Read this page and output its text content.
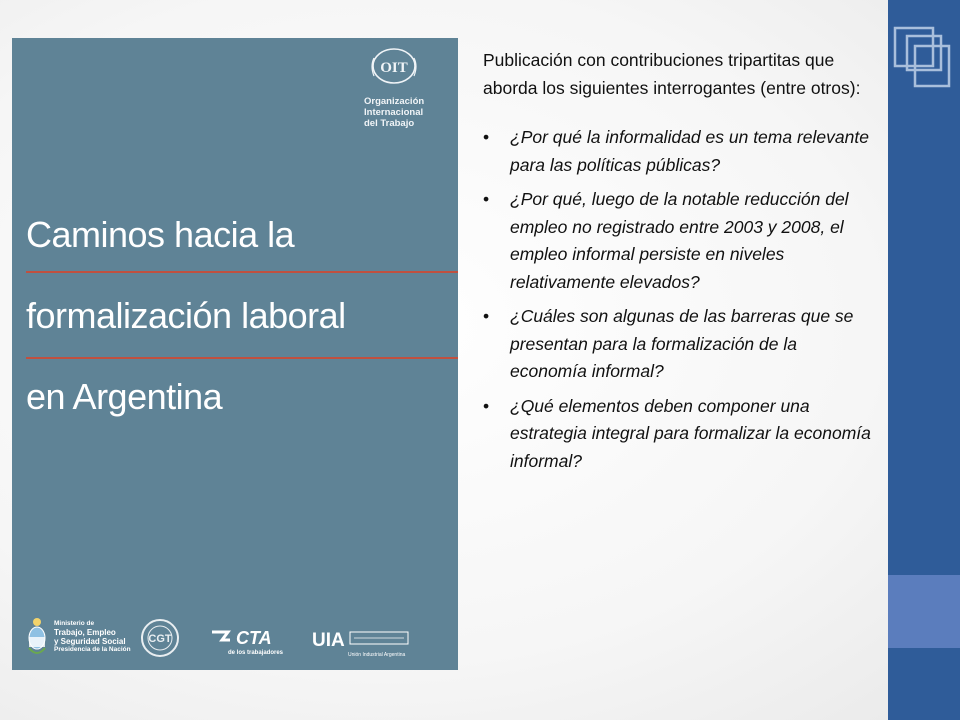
OIT
Organización
Internacional
del Trabajo
Caminos hacia la
formalización laboral
en Argentina
Ministerio de
Trabajo, Empleo
y Seguridad Social
Presidencia de la Nación
CGT	CTA
de los trabajadores
UIA
Unión Industrial Argentina

Publicación con contribuciones tripartitas que aborda los siguientes interrogantes (entre otros):

• ¿Por qué la informalidad es un tema relevante para las políticas públicas?
• ¿Por qué, luego de la notable reducción del empleo no registrado entre 2003 y 2008, el empleo informal persiste en niveles relativamente elevados?
• ¿Cuáles son algunas de las barreras que se presentan para la formalización de la economía informal?
• ¿Qué elementos deben componer una estrategia integral para formalizar la economía informal?
